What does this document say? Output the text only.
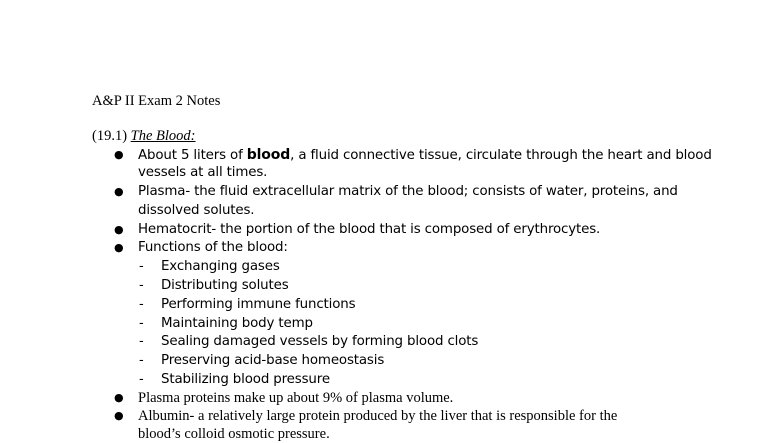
A&P II Exam 2 Notes
(19.1) The Blood:
● About 5 liters of blood, a fluid connective tissue, circulate through the heart and blood
vessels at all times.
● Plasma- the fluid extracellular matrix of the blood; consists of water, proteins, and
dissolved solutes.
● Hematocrit- the portion of the blood that is composed of erythrocytes.
● Functions of the blood:
- Exchanging gases
- Distributing solutes
- Performing immune functions
- Maintaining body temp
- Sealing damaged vessels by forming blood clots
- Preserving acid-base homeostasis
- Stabilizing blood pressure
● Plasma proteins make up about 9% of plasma volume.
● Albumin- a relatively large protein produced by the liver that is responsible for the
blood’s colloid osmotic pressure.
